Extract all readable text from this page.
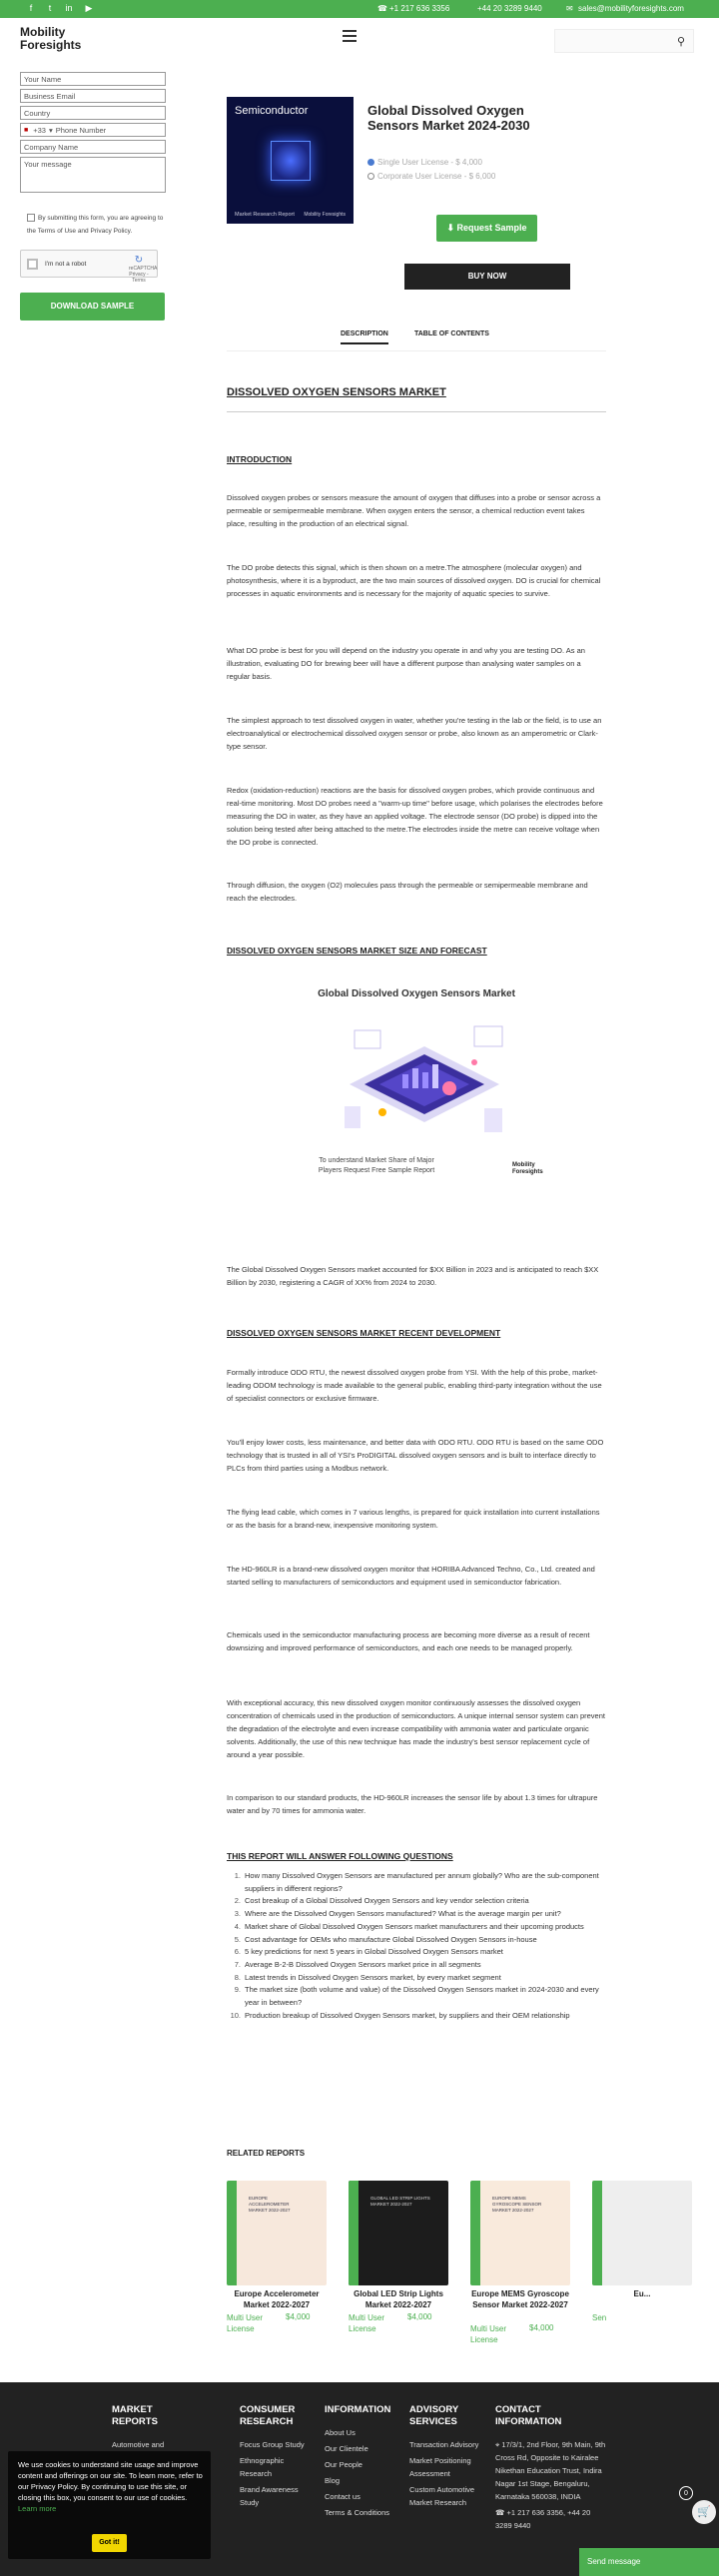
f	t	in ▶	☎ +1 217 636 3356	+44 20 3289 9440	✉ sales@mobilityforesights.com
Mobility
Foresights	⚲
Your Name
Business Email
Country
■ +33 ▾ Phone Number
Company Name
Your message
By submitting this form, you are agreeing to the Terms of Use and Privacy Policy.
I'm not a robot	↻
reCAPTCHA
Privacy - Terms
DOWNLOAD SAMPLE
Semiconductor
Market Research Report Mobility Foresights
Global Dissolved Oxygen Sensors Market 2024-2030
Single User License - $ 4,000
Corporate User License - $ 6,000
⬇ Request Sample
BUY NOW
DESCRIPTION	TABLE OF CONTENTS
DISSOLVED OXYGEN SENSORS MARKET
INTRODUCTION
Dissolved oxygen probes or sensors measure the amount of oxygen that diffuses into a probe or sensor across a permeable or semipermeable membrane. When oxygen enters the sensor, a chemical reduction event takes place, resulting in the production of an electrical signal.
The DO probe detects this signal, which is then shown on a metre.The atmosphere (molecular oxygen) and photosynthesis, where it is a byproduct, are the two main sources of dissolved oxygen. DO is crucial for chemical processes in aquatic environments and is necessary for the majority of aquatic species to survive.
What DO probe is best for you will depend on the industry you operate in and why you are testing DO. As an illustration, evaluating DO for brewing beer will have a different purpose than analysing water samples on a regular basis.
The simplest approach to test dissolved oxygen in water, whether you're testing in the lab or the field, is to use an electroanalytical or electrochemical dissolved oxygen sensor or probe, also known as an amperometric or Clark-type sensor.
Redox (oxidation-reduction) reactions are the basis for dissolved oxygen probes, which provide continuous and real-time monitoring. Most DO probes need a "warm-up time" before usage, which polarises the electrodes before measuring the DO in water, as they have an applied voltage. The electrode sensor (DO probe) is dipped into the solution being tested after being attached to the metre.The electrodes inside the metre can receive voltage when the DO probe is connected.
Through diffusion, the oxygen (O2) molecules pass through the permeable or semipermeable membrane and reach the electrodes.
DISSOLVED OXYGEN SENSORS MARKET SIZE AND FORECAST
Global Dissolved Oxygen Sensors Market
To understand Market Share of Major Players Request Free Sample Report
Mobility
Foresights
The Global Dissolved Oxygen Sensors market accounted for $XX Billion in 2023 and is anticipated to reach $XX Billion by 2030, registering a CAGR of XX% from 2024 to 2030.
DISSOLVED OXYGEN SENSORS MARKET RECENT DEVELOPMENT
Formally introduce ODO RTU, the newest dissolved oxygen probe from YSI. With the help of this probe, market-leading ODOM technology is made available to the general public, enabling third-party integration without the use of specialist connectors or exclusive firmware.
You'll enjoy lower costs, less maintenance, and better data with ODO RTU. ODO RTU is based on the same ODO technology that is trusted in all of YSI's ProDIGITAL dissolved oxygen sensors and is built to interface directly to PLCs from third parties using a Modbus network.
The flying lead cable, which comes in 7 various lengths, is prepared for quick installation into current installations or as the basis for a brand-new, inexpensive monitoring system.
The HD-960LR is a brand-new dissolved oxygen monitor that HORIBA Advanced Techno, Co., Ltd. created and started selling to manufacturers of semiconductors and equipment used in semiconductor fabrication.
Chemicals used in the semiconductor manufacturing process are becoming more diverse as a result of recent downsizing and improved performance of semiconductors, and each one needs to be managed properly.
With exceptional accuracy, this new dissolved oxygen monitor continuously assesses the dissolved oxygen concentration of chemicals used in the production of semiconductors. A unique internal sensor system can prevent the degradation of the electrolyte and even increase compatibility with ammonia water and particulate organic solvents. Additionally, the use of this new technique has made the industry's best sensor replacement cycle of around a year possible.
In comparison to our standard products, the HD-960LR increases the sensor life by about 1.3 times for ultrapure water and by 70 times for ammonia water.
THIS REPORT WILL ANSWER FOLLOWING QUESTIONS
1. How many Dissolved Oxygen Sensors are manufactured per annum globally? Who are the sub-component suppliers in different regions?
2. Cost breakup of a Global Dissolved Oxygen Sensors and key vendor selection criteria
3. Where are the Dissolved Oxygen Sensors manufactured? What is the average margin per unit?
4. Market share of Global Dissolved Oxygen Sensors market manufacturers and their upcoming products
5. Cost advantage for OEMs who manufacture Global Dissolved Oxygen Sensors in-house
6. 5 key predictions for next 5 years in Global Dissolved Oxygen Sensors market
7. Average B-2-B Dissolved Oxygen Sensors market price in all segments
8. Latest trends in Dissolved Oxygen Sensors market, by every market segment
9. The market size (both volume and value) of the Dissolved Oxygen Sensors market in 2024-2030 and every year in between?
10. Production breakup of Dissolved Oxygen Sensors market, by suppliers and their OEM relationship
RELATED REPORTS
EUROPE ACCELEROMETER MARKET 2022-2027
Europe Accelerometer Market 2022-2027
Multi User License
$4,000
GLOBAL LED STRIP LIGHTS MARKET 2022-2027
Global LED Strip Lights Market 2022-2027
Multi User License
$4,000
EUROPE MEMS GYROSCOPE SENSOR MARKET 2022-2027
Europe MEMS Gyroscope Sensor Market 2022-2027
Multi User License
$4,000
Eu...
Sen
MARKET REPORTS
Automotive and
CONSUMER RESEARCH
Focus Group Study
Ethnographic Research
Brand Awareness Study
INFORMATION
About Us
Our Clientele
Our People
Blog
Contact us
Terms & Conditions
ADVISORY SERVICES
Transaction Advisory
Market Positioning Assessment
Custom Automotive Market Research
CONTACT INFORMATION
⌖ 17/3/1, 2nd Floor, 9th Main, 9th Cross Rd, Opposite to Kairalee Nikethan Education Trust, Indira Nagar 1st Stage, Bengaluru, Karnataka 560038, INDIA
☎ +1 217 636 3356, +44 20 3289 9440
We use cookies to understand site usage and improve content and offerings on our site. To learn more, refer to our Privacy Policy. By continuing to use this site, or closing this box, you consent to our use of cookies. Learn more
Got it!
0
🛒
Send message
